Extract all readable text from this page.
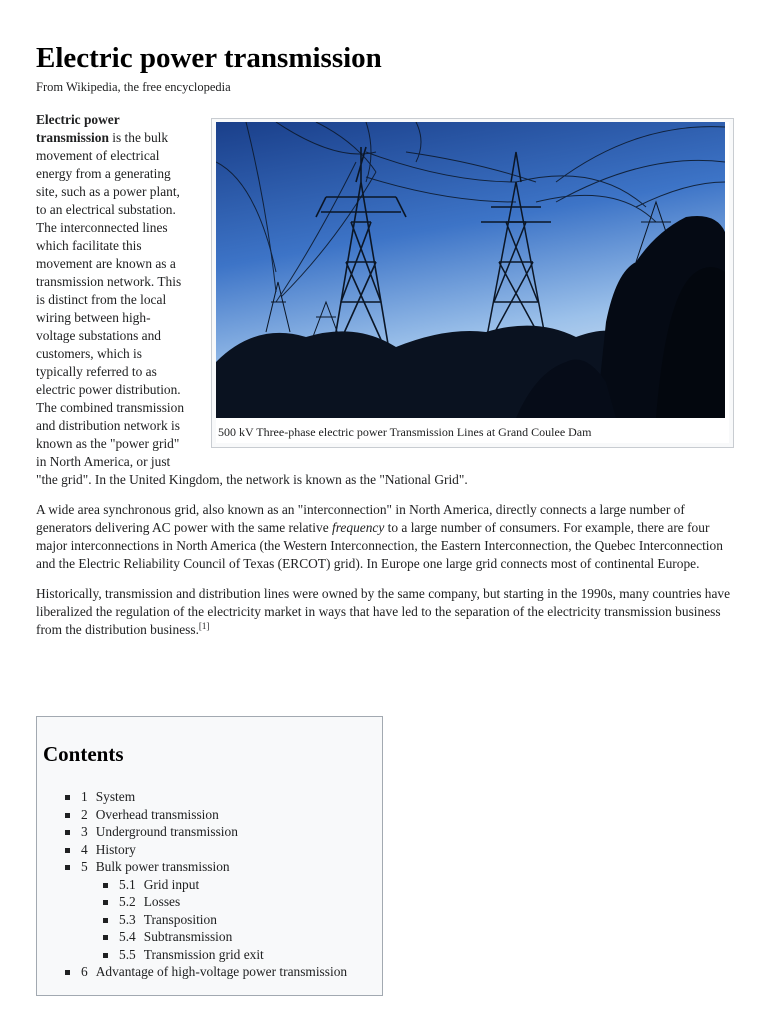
Electric power transmission
From Wikipedia, the free encyclopedia
500 kV Three-phase electric power Transmission Lines at Grand Coulee Dam

Electric power transmission is the bulk movement of electrical energy from a generating site, such as a power plant, to an electrical substation. The interconnected lines which facilitate this movement are known as a transmission network. This is distinct from the local wiring between high-voltage substations and customers, which is typically referred to as electric power distribution. The combined transmission and distribution network is known as the "power grid" in North America, or just "the grid". In the United Kingdom, the network is known as the "National Grid".

A wide area synchronous grid, also known as an "interconnection" in North America, directly connects a large number of generators delivering AC power with the same relative frequency to a large number of consumers. For example, there are four major interconnections in North America (the Western Interconnection, the Eastern Interconnection, the Quebec Interconnection and the Electric Reliability Council of Texas (ERCOT) grid). In Europe one large grid connects most of continental Europe.

Historically, transmission and distribution lines were owned by the same company, but starting in the 1990s, many countries have liberalized the regulation of the electricity market in ways that have led to the separation of the electricity transmission business from the distribution business.[1]

Contents
1 System
2 Overhead transmission
3 Underground transmission
4 History
5 Bulk power transmission
5.1 Grid input
5.2 Losses
5.3 Transposition
5.4 Subtransmission
5.5 Transmission grid exit
6 Advantage of high-voltage power transmission
